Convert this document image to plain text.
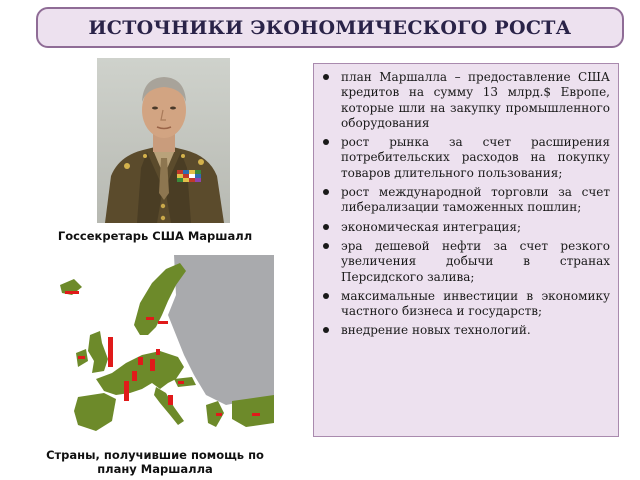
ИСТОЧНИКИ ЭКОНОМИЧЕСКОГО РОСТА
Госсекретарь США Маршалл
Страны, получившие помощь по плану Маршалла
план Маршалла – предоставление США кредитов на сумму 13 млрд.$ Европе, которые шли на закупку промышленного оборудования
рост рынка за счет расширения потребительских расходов на покупку товаров длительного пользования;
рост международной торговли за счет либерализации таможенных пошлин;
экономическая интеграция;
эра дешевой нефти за счет резкого увеличения добычи в странах Персидского залива;
максимальные инвестиции в экономику частного бизнеса и государств;
внедрение новых технологий.
